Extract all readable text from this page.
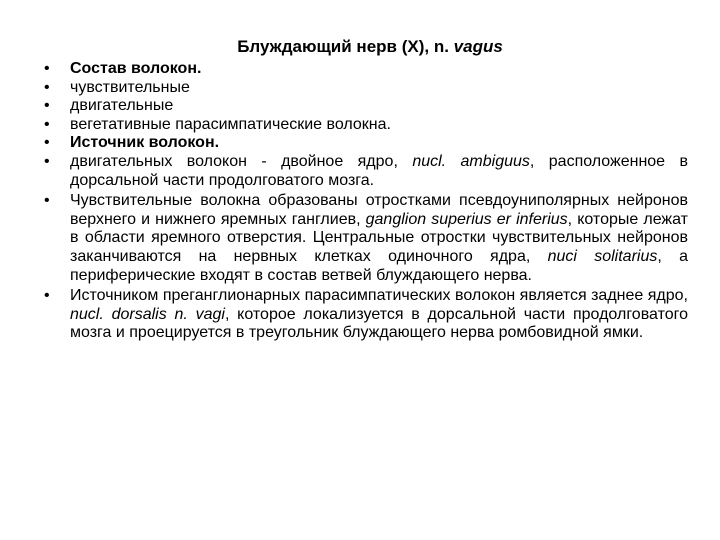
Блуждающий нерв (X), n. vagus
•	Состав волокон.
•	чувствительные
•	двигательные
•	вегетативные парасимпатические волокна.
•	Источник волокон.
•	двигательных волокон - двойное ядро, nucl. ambiguus, расположенное в дорсальной части продолговатого мозга.
•	Чувствительные волокна образованы отростками псевдоуниполярных нейронов верхнего и нижнего яремных ганглиев, ganglion superius er inferius, которые лежат в области яремного отверстия. Центральные отростки чувствительных нейронов заканчиваются на нервных клетках одиночного ядра, nuci solitarius, а периферические входят в состав ветвей блуждающего нерва.
•	Источником преганглионарных парасимпатических волокон является заднее ядро, nucl. dorsalis n. vagi, которое локализуется в дорсальной части продолговатого мозга и проецируется в треугольник блуждающего нерва ромбовидной ямки.
